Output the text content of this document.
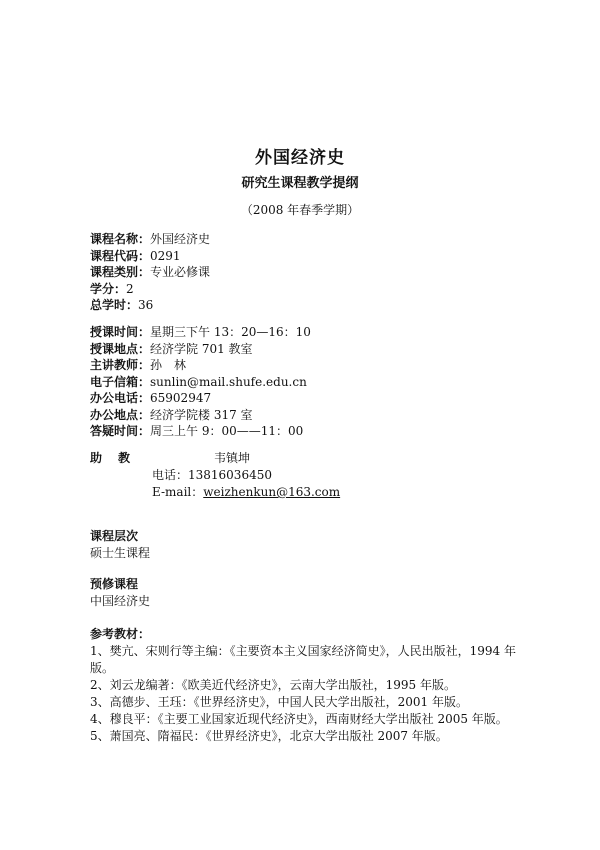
外国经济史
研究生课程教学提纲
（2008 年春季学期）
课程名称：外国经济史
课程代码：0291
课程类别：专业必修课
学分：2
总学时：36
授课时间：星期三下午 13：20—16：10
授课地点：经济学院 701 教室
主讲教师：孙　林
电子信箱：sunlin@mail.shufe.edu.cn
办公电话：65902947
办公地点：经济学院楼 317 室
答疑时间：周三上午 9：00——11：00
助　教	韦镇坤
电话：13816036450
E-mail：weizhenkun@163.com
课程层次
硕士生课程
预修课程
中国经济史
参考教材：
1、樊亢、宋则行等主编：《主要资本主义国家经济简史》，人民出版社，1994 年版。
2、刘云龙编著：《欧美近代经济史》，云南大学出版社，1995 年版。
3、高德步、王珏：《世界经济史》，中国人民大学出版社，2001 年版。
4、穆良平：《主要工业国家近现代经济史》，西南财经大学出版社 2005 年版。
5、萧国亮、隋福民：《世界经济史》，北京大学出版社 2007 年版。
